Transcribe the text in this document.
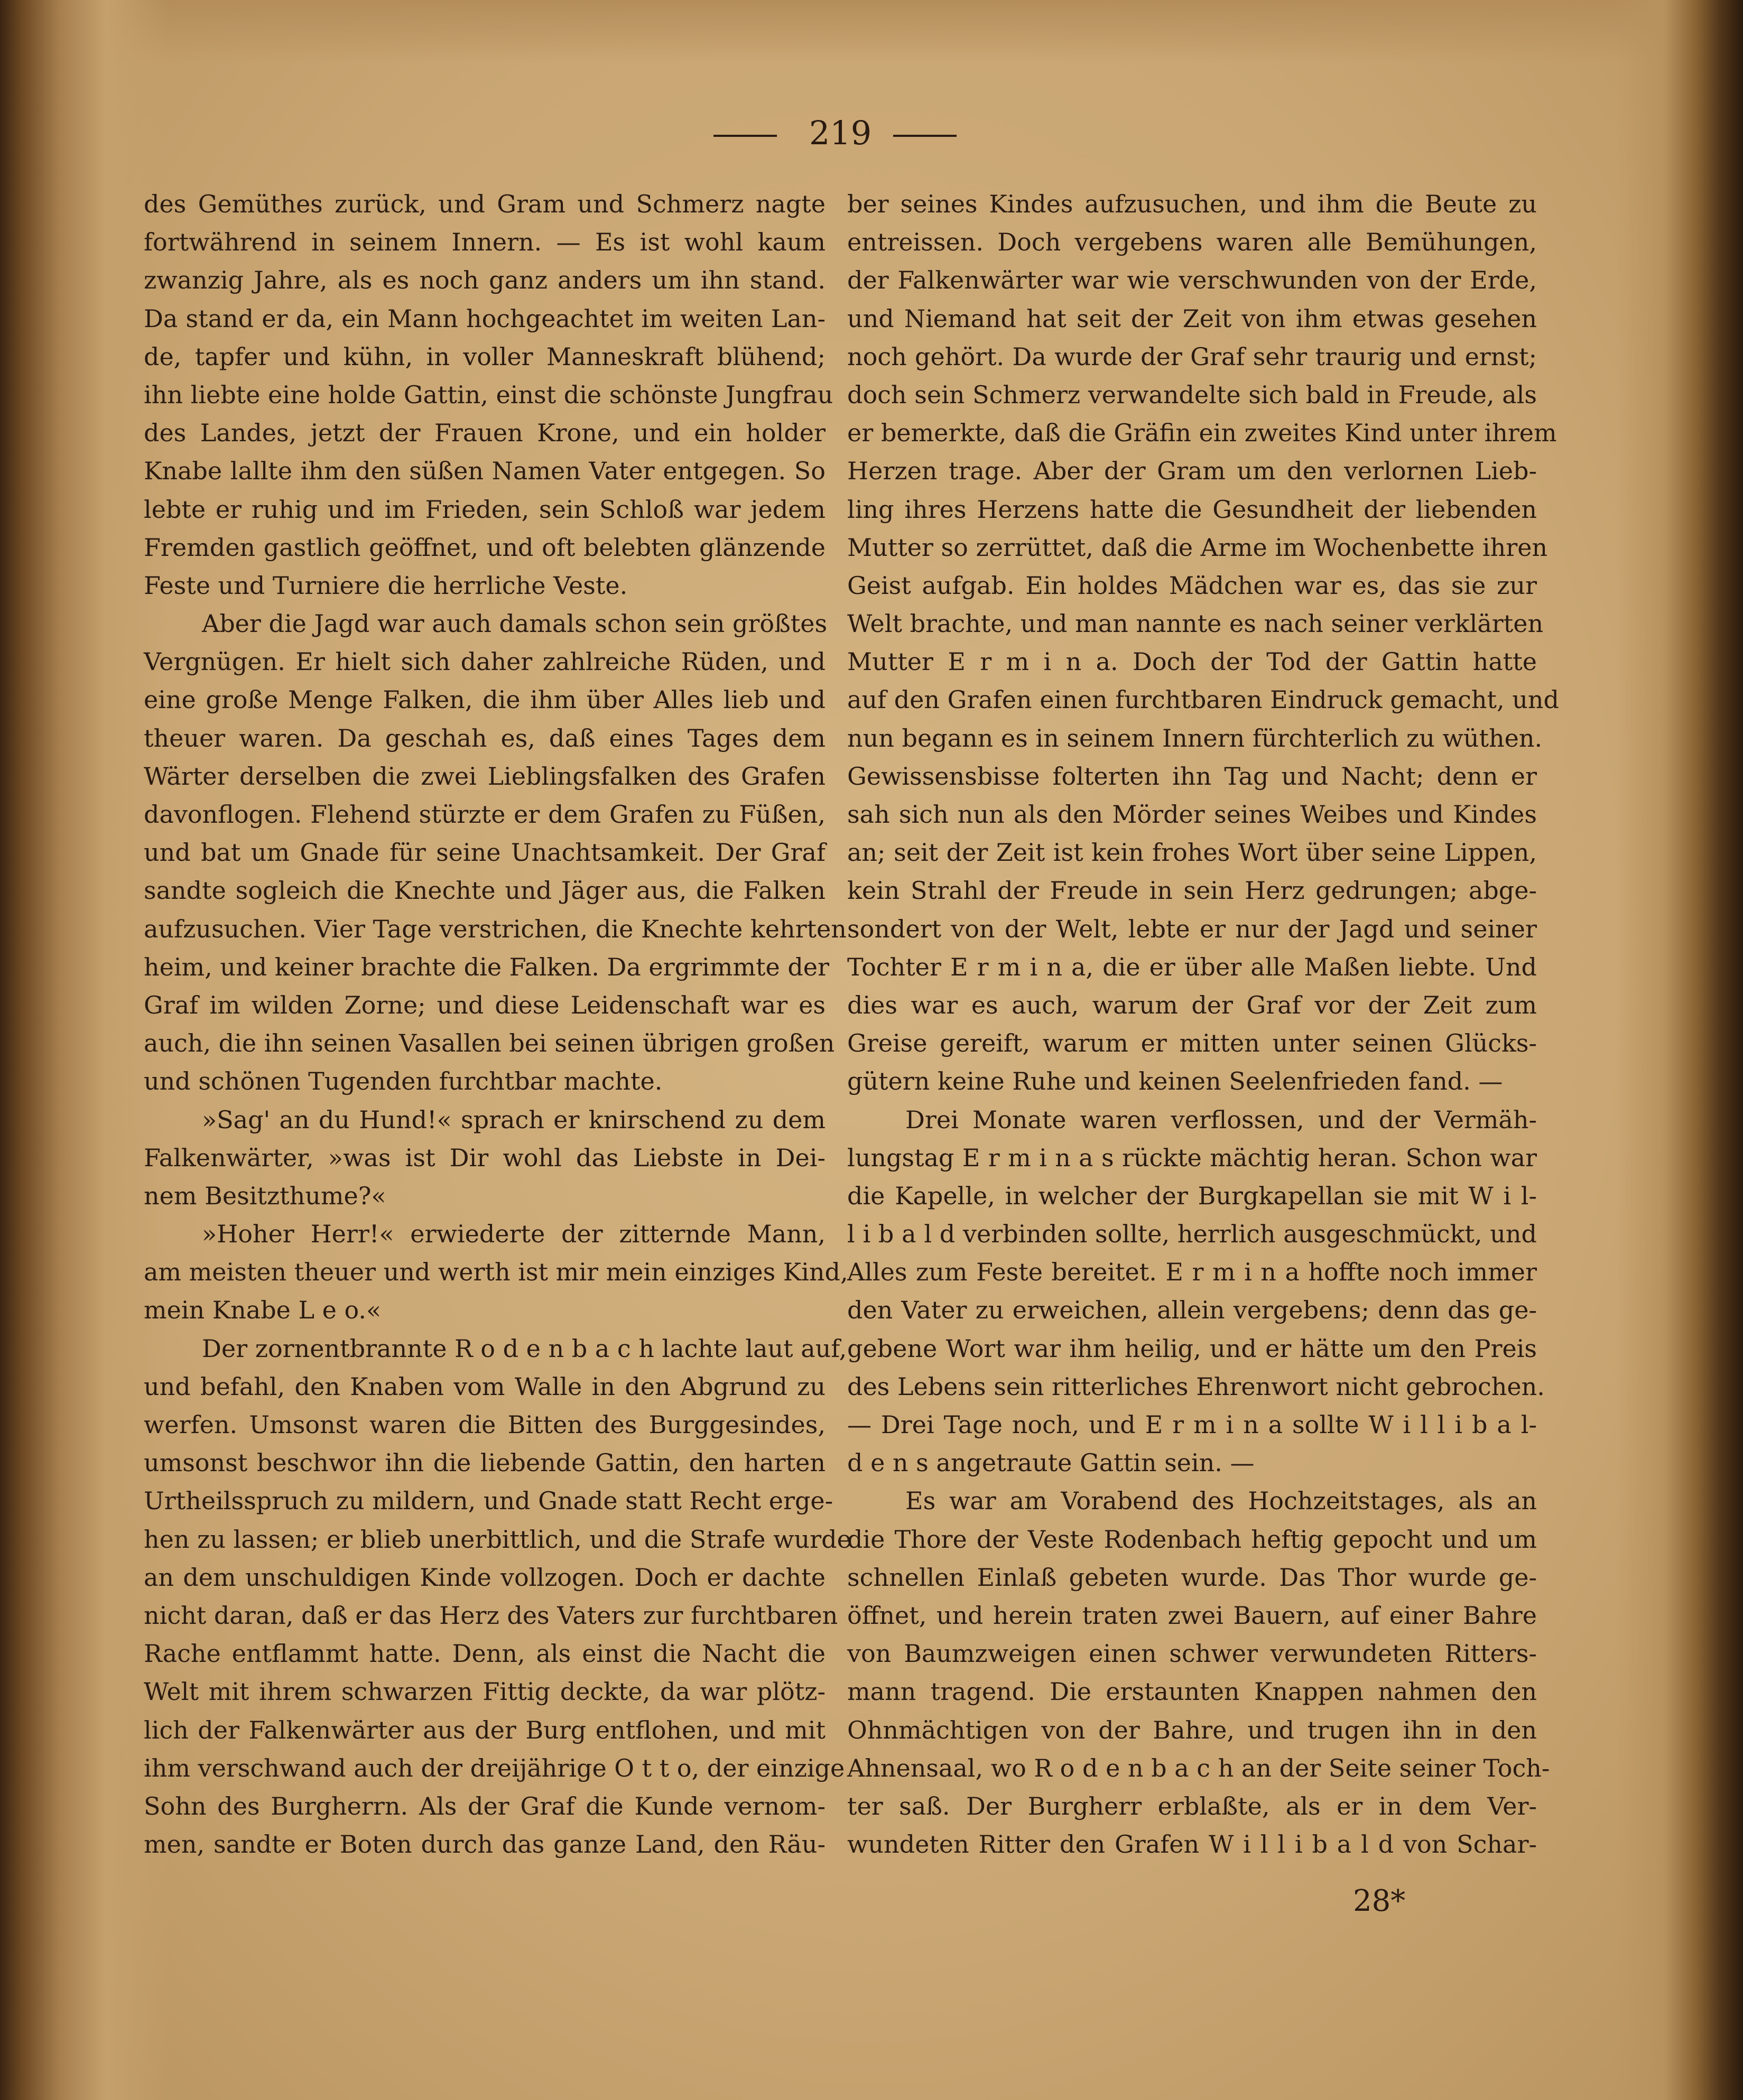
219
des Gemüthes zurück, und Gram und Schmerz nagte
fortwährend in seinem Innern. — Es ist wohl kaum
zwanzig Jahre, als es noch ganz anders um ihn stand.
Da stand er da, ein Mann hochgeachtet im weiten Lan-
de, tapfer und kühn, in voller Manneskraft blühend;
ihn liebte eine holde Gattin, einst die schönste Jungfrau
des Landes, jetzt der Frauen Krone, und ein holder
Knabe lallte ihm den süßen Namen Vater entgegen. So
lebte er ruhig und im Frieden, sein Schloß war jedem
Fremden gastlich geöffnet, und oft belebten glänzende
Feste und Turniere die herrliche Veste.
Aber die Jagd war auch damals schon sein größtes
Vergnügen. Er hielt sich daher zahlreiche Rüden, und
eine große Menge Falken, die ihm über Alles lieb und
theuer waren. Da geschah es, daß eines Tages dem
Wärter derselben die zwei Lieblingsfalken des Grafen
davonflogen. Flehend stürzte er dem Grafen zu Füßen,
und bat um Gnade für seine Unachtsamkeit. Der Graf
sandte sogleich die Knechte und Jäger aus, die Falken
aufzusuchen. Vier Tage verstrichen, die Knechte kehrten
heim, und keiner brachte die Falken. Da ergrimmte der
Graf im wilden Zorne; und diese Leidenschaft war es
auch, die ihn seinen Vasallen bei seinen übrigen großen
und schönen Tugenden furchtbar machte.
»Sag' an du Hund!« sprach er knirschend zu dem
Falkenwärter, »was ist Dir wohl das Liebste in Dei-
nem Besitzthume?«
»Hoher Herr!« erwiederte der zitternde Mann,
am meisten theuer und werth ist mir mein einziges Kind,
mein Knabe L e o.«
Der zornentbrannte R o d e n b a c h lachte laut auf,
und befahl, den Knaben vom Walle in den Abgrund zu
werfen. Umsonst waren die Bitten des Burggesindes,
umsonst beschwor ihn die liebende Gattin, den harten
Urtheilsspruch zu mildern, und Gnade statt Recht erge-
hen zu lassen; er blieb unerbittlich, und die Strafe wurde
an dem unschuldigen Kinde vollzogen. Doch er dachte
nicht daran, daß er das Herz des Vaters zur furchtbaren
Rache entflammt hatte. Denn, als einst die Nacht die
Welt mit ihrem schwarzen Fittig deckte, da war plötz-
lich der Falkenwärter aus der Burg entflohen, und mit
ihm verschwand auch der dreijährige O t t o, der einzige
Sohn des Burgherrn. Als der Graf die Kunde vernom-
men, sandte er Boten durch das ganze Land, den Räu-
ber seines Kindes aufzusuchen, und ihm die Beute zu
entreissen. Doch vergebens waren alle Bemühungen,
der Falkenwärter war wie verschwunden von der Erde,
und Niemand hat seit der Zeit von ihm etwas gesehen
noch gehört. Da wurde der Graf sehr traurig und ernst;
doch sein Schmerz verwandelte sich bald in Freude, als
er bemerkte, daß die Gräfin ein zweites Kind unter ihrem
Herzen trage. Aber der Gram um den verlornen Lieb-
ling ihres Herzens hatte die Gesundheit der liebenden
Mutter so zerrüttet, daß die Arme im Wochenbette ihren
Geist aufgab. Ein holdes Mädchen war es, das sie zur
Welt brachte, und man nannte es nach seiner verklärten
Mutter E r m i n a. Doch der Tod der Gattin hatte
auf den Grafen einen furchtbaren Eindruck gemacht, und
nun begann es in seinem Innern fürchterlich zu wüthen.
Gewissensbisse folterten ihn Tag und Nacht; denn er
sah sich nun als den Mörder seines Weibes und Kindes
an; seit der Zeit ist kein frohes Wort über seine Lippen,
kein Strahl der Freude in sein Herz gedrungen; abge-
sondert von der Welt, lebte er nur der Jagd und seiner
Tochter E r m i n a, die er über alle Maßen liebte. Und
dies war es auch, warum der Graf vor der Zeit zum
Greise gereift, warum er mitten unter seinen Glücks-
gütern keine Ruhe und keinen Seelenfrieden fand. —
Drei Monate waren verflossen, und der Vermäh-
lungstag E r m i n a s rückte mächtig heran. Schon war
die Kapelle, in welcher der Burgkapellan sie mit W i l-
l i b a l d verbinden sollte, herrlich ausgeschmückt, und
Alles zum Feste bereitet. E r m i n a hoffte noch immer
den Vater zu erweichen, allein vergebens; denn das ge-
gebene Wort war ihm heilig, und er hätte um den Preis
des Lebens sein ritterliches Ehrenwort nicht gebrochen.
— Drei Tage noch, und E r m i n a sollte W i l l i b a l-
d e n s angetraute Gattin sein. —
Es war am Vorabend des Hochzeitstages, als an
die Thore der Veste Rodenbach heftig gepocht und um
schnellen Einlaß gebeten wurde. Das Thor wurde ge-
öffnet, und herein traten zwei Bauern, auf einer Bahre
von Baumzweigen einen schwer verwundeten Ritters-
mann tragend. Die erstaunten Knappen nahmen den
Ohnmächtigen von der Bahre, und trugen ihn in den
Ahnensaal, wo R o d e n b a c h an der Seite seiner Toch-
ter saß. Der Burgherr erblaßte, als er in dem Ver-
wundeten Ritter den Grafen W i l l i b a l d von Schar-
28*
